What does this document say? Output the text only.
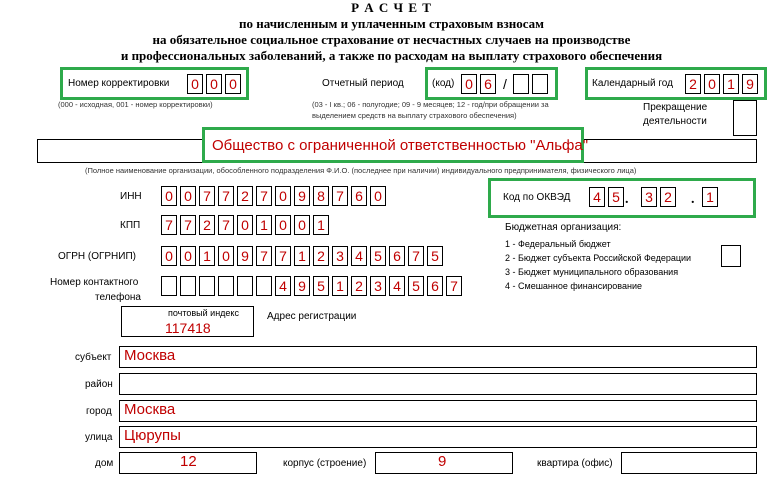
Р А С Ч Е Т
по начисленным и уплаченным страховым взносам
на обязательное социальное страхование от несчастных случаев на производстве
и профессиональных заболеваний, а также по расходам на выплату страхового обеспечения
Номер корректировки 0 0 0
(000 - исходная, 001 - номер корректировки)
Отчетный период	(код) 0 6 /
(03 - I кв.; 06 - полугодие; 09 - 9 месяцев; 12 - год/при обращении за
выделением средств на выплату страхового обеспечения)
Календарный год 2 0 1 9
Прекращение
деятельности
Общество с ограниченной ответственностью "Альфа"
(Полное наименование организации, обособленного подразделения Ф.И.О. (последнее при наличии) индивидуального предпринимателя, физического лица)
ИНН 0 0 7 7 2 7 0 9 8 7 6 0
КПП 7 7 2 7 0 1 0 0 1
ОГРН (ОГРНИП) 0 0 1 0 9 7 7 1 2 3 4 5 6 7 5
Номер контактного
телефона
4 9 5 1 2 3 4 5 6 7
Код по ОКВЭД 4 5 . 3 2 . 1
Бюджетная организация:
1 - Федеральный бюджет
2 - Бюджет субъекта Российской Федерации
3 - Бюджет муниципального образования
4 - Смешанное финансирование
почтовый индекс
117418
Адрес регистрации
субъект Москва
район
город Москва
улица Цюрупы
дом	12	корпус (строение)	9	квартира (офис)
